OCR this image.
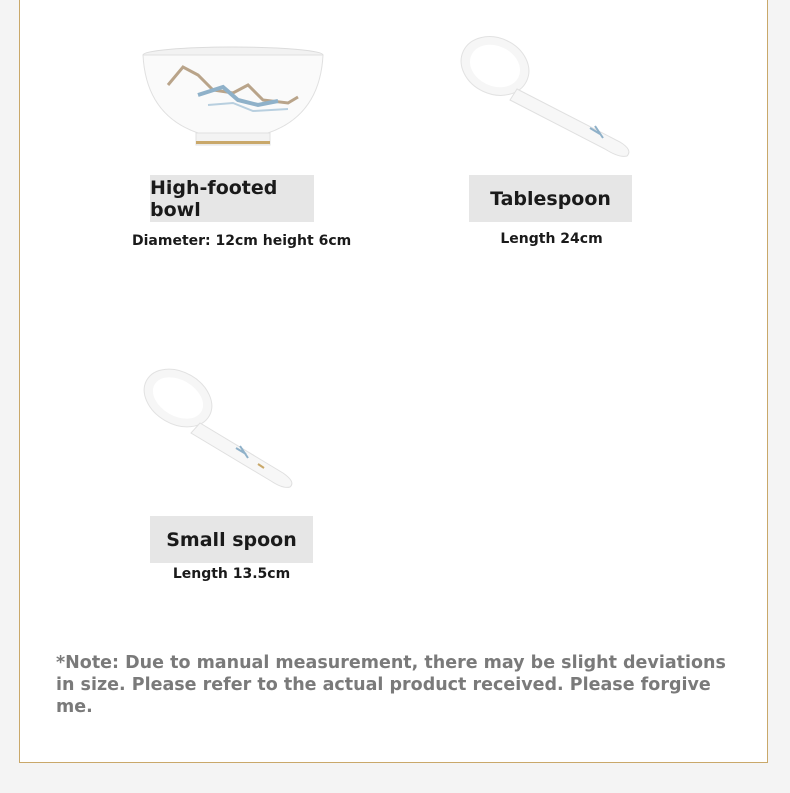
High-footed bowl
Diameter: 12cm height 6cm
Tablespoon
Length 24cm
Small spoon
Length 13.5cm
*Note: Due to manual measurement, there may be slight deviations in size. Please refer to the actual product received. Please forgive me.
